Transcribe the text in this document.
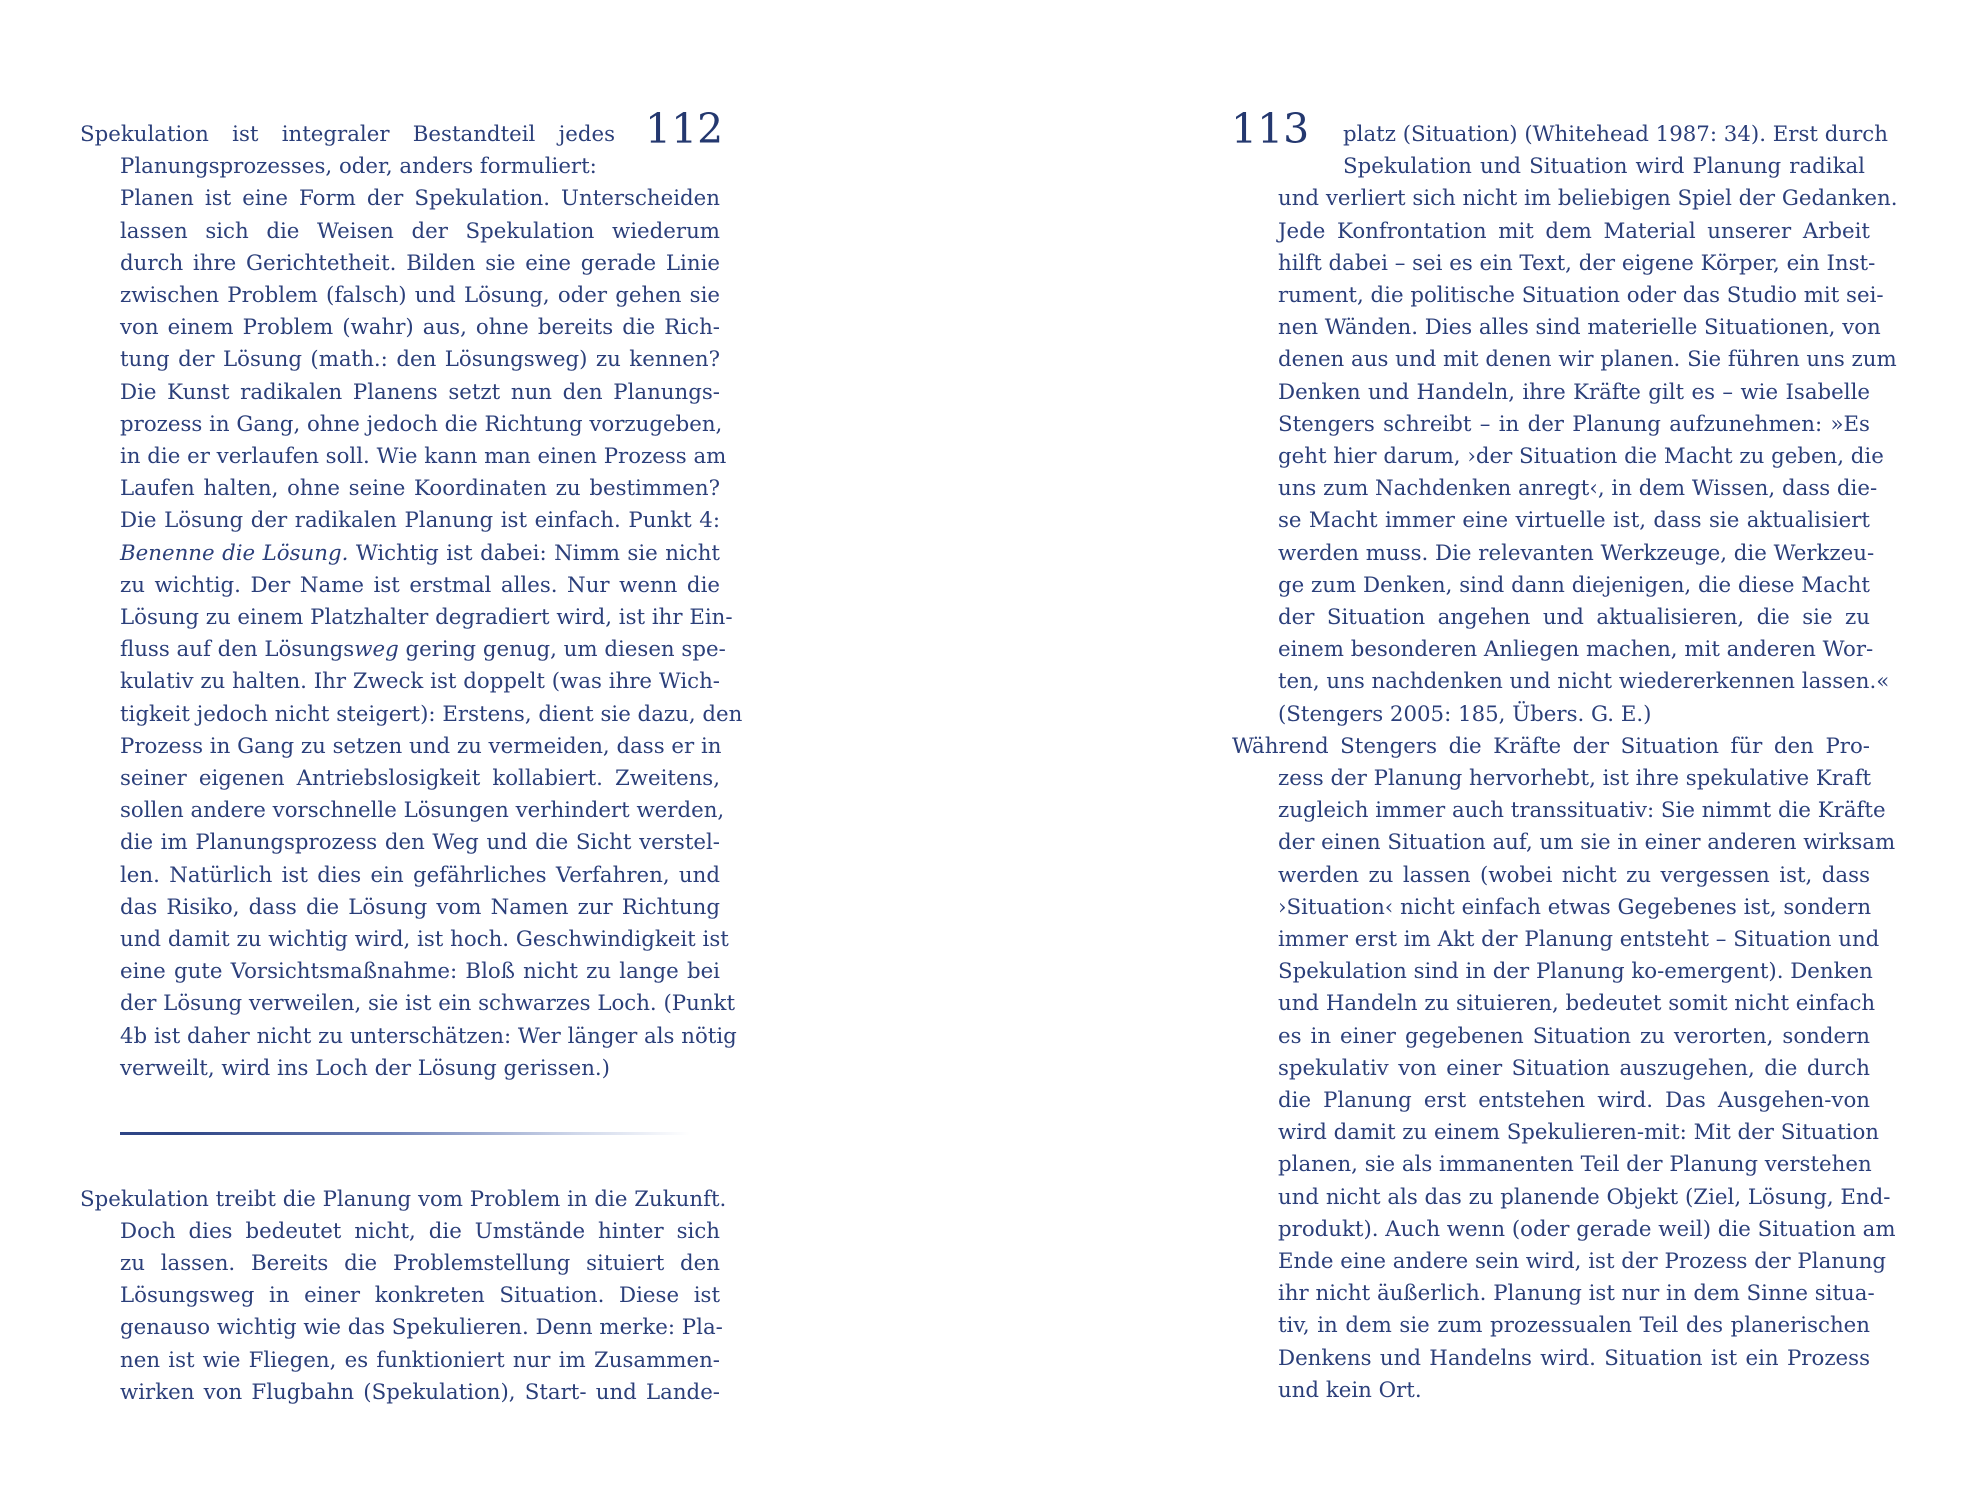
112
Spekulation ist integraler Bestandteil jedes
Planungsprozesses, oder, anders formuliert:
Planen ist eine Form der Spekulation. Unterscheiden
lassen sich die Weisen der Spekulation wiederum
durch ihre Gerichtetheit. Bilden sie eine gerade Linie
zwischen Problem (falsch) und Lösung, oder gehen sie
von einem Problem (wahr) aus, ohne bereits die Rich-
tung der Lösung (math.: den Lösungsweg) zu kennen?
Die Kunst radikalen Planens setzt nun den Planungs-
prozess in Gang, ohne jedoch die Richtung vorzugeben,
in die er verlaufen soll. Wie kann man einen Prozess am
Laufen halten, ohne seine Koordinaten zu bestimmen?
Die Lösung der radikalen Planung ist einfach. Punkt 4:
Benenne die Lösung. Wichtig ist dabei: Nimm sie nicht
zu wichtig. Der Name ist erstmal alles. Nur wenn die
Lösung zu einem Platzhalter degradiert wird, ist ihr Ein-
fluss auf den Lösungsweg gering genug, um diesen spe-
kulativ zu halten. Ihr Zweck ist doppelt (was ihre Wich-
tigkeit jedoch nicht steigert): Erstens, dient sie dazu, den
Prozess in Gang zu setzen und zu vermeiden, dass er in
seiner eigenen Antriebslosigkeit kollabiert. Zweitens,
sollen andere vorschnelle Lösungen verhindert werden,
die im Planungsprozess den Weg und die Sicht verstel-
len. Natürlich ist dies ein gefährliches Verfahren, und
das Risiko, dass die Lösung vom Namen zur Richtung
und damit zu wichtig wird, ist hoch. Geschwindigkeit ist
eine gute Vorsichtsmaßnahme: Bloß nicht zu lange bei
der Lösung verweilen, sie ist ein schwarzes Loch. (Punkt
4b ist daher nicht zu unterschätzen: Wer länger als nötig
verweilt, wird ins Loch der Lösung gerissen.)
Spekulation treibt die Planung vom Problem in die Zukunft.
Doch dies bedeutet nicht, die Umstände hinter sich
zu lassen. Bereits die Problemstellung situiert den
Lösungsweg in einer konkreten Situation. Diese ist
genauso wichtig wie das Spekulieren. Denn merke: Pla-
nen ist wie Fliegen, es funktioniert nur im Zusammen-
wirken von Flugbahn (Spekulation), Start- und Lande-
113 platz (Situation) (Whitehead 1987: 34). Erst durch
Spekulation und Situation wird Planung radikal
und verliert sich nicht im beliebigen Spiel der Gedanken.
Jede Konfrontation mit dem Material unserer Arbeit
hilft dabei – sei es ein Text, der eigene Körper, ein Inst-
rument, die politische Situation oder das Studio mit sei-
nen Wänden. Dies alles sind materielle Situationen, von
denen aus und mit denen wir planen. Sie führen uns zum
Denken und Handeln, ihre Kräfte gilt es – wie Isabelle
Stengers schreibt – in der Planung aufzunehmen: »Es
geht hier darum, ›der Situation die Macht zu geben, die
uns zum Nachdenken anregt‹, in dem Wissen, dass die-
se Macht immer eine virtuelle ist, dass sie aktualisiert
werden muss. Die relevanten Werkzeuge, die Werkzeu-
ge zum Denken, sind dann diejenigen, die diese Macht
der Situation angehen und aktualisieren, die sie zu
einem besonderen Anliegen machen, mit anderen Wor-
ten, uns nachdenken und nicht wiedererkennen lassen.«
(Stengers 2005: 185, Übers. G. E.)
Während Stengers die Kräfte der Situation für den Pro-
zess der Planung hervorhebt, ist ihre spekulative Kraft
zugleich immer auch transsituativ: Sie nimmt die Kräfte
der einen Situation auf, um sie in einer anderen wirksam
werden zu lassen (wobei nicht zu vergessen ist, dass
›Situation‹ nicht einfach etwas Gegebenes ist, sondern
immer erst im Akt der Planung entsteht – Situation und
Spekulation sind in der Planung ko-emergent). Denken
und Handeln zu situieren, bedeutet somit nicht einfach
es in einer gegebenen Situation zu verorten, sondern
spekulativ von einer Situation auszugehen, die durch
die Planung erst entstehen wird. Das Ausgehen-von
wird damit zu einem Spekulieren-mit: Mit der Situation
planen, sie als immanenten Teil der Planung verstehen
und nicht als das zu planende Objekt (Ziel, Lösung, End-
produkt). Auch wenn (oder gerade weil) die Situation am
Ende eine andere sein wird, ist der Prozess der Planung
ihr nicht äußerlich. Planung ist nur in dem Sinne situa-
tiv, in dem sie zum prozessualen Teil des planerischen
Denkens und Handelns wird. Situation ist ein Prozess
und kein Ort.
